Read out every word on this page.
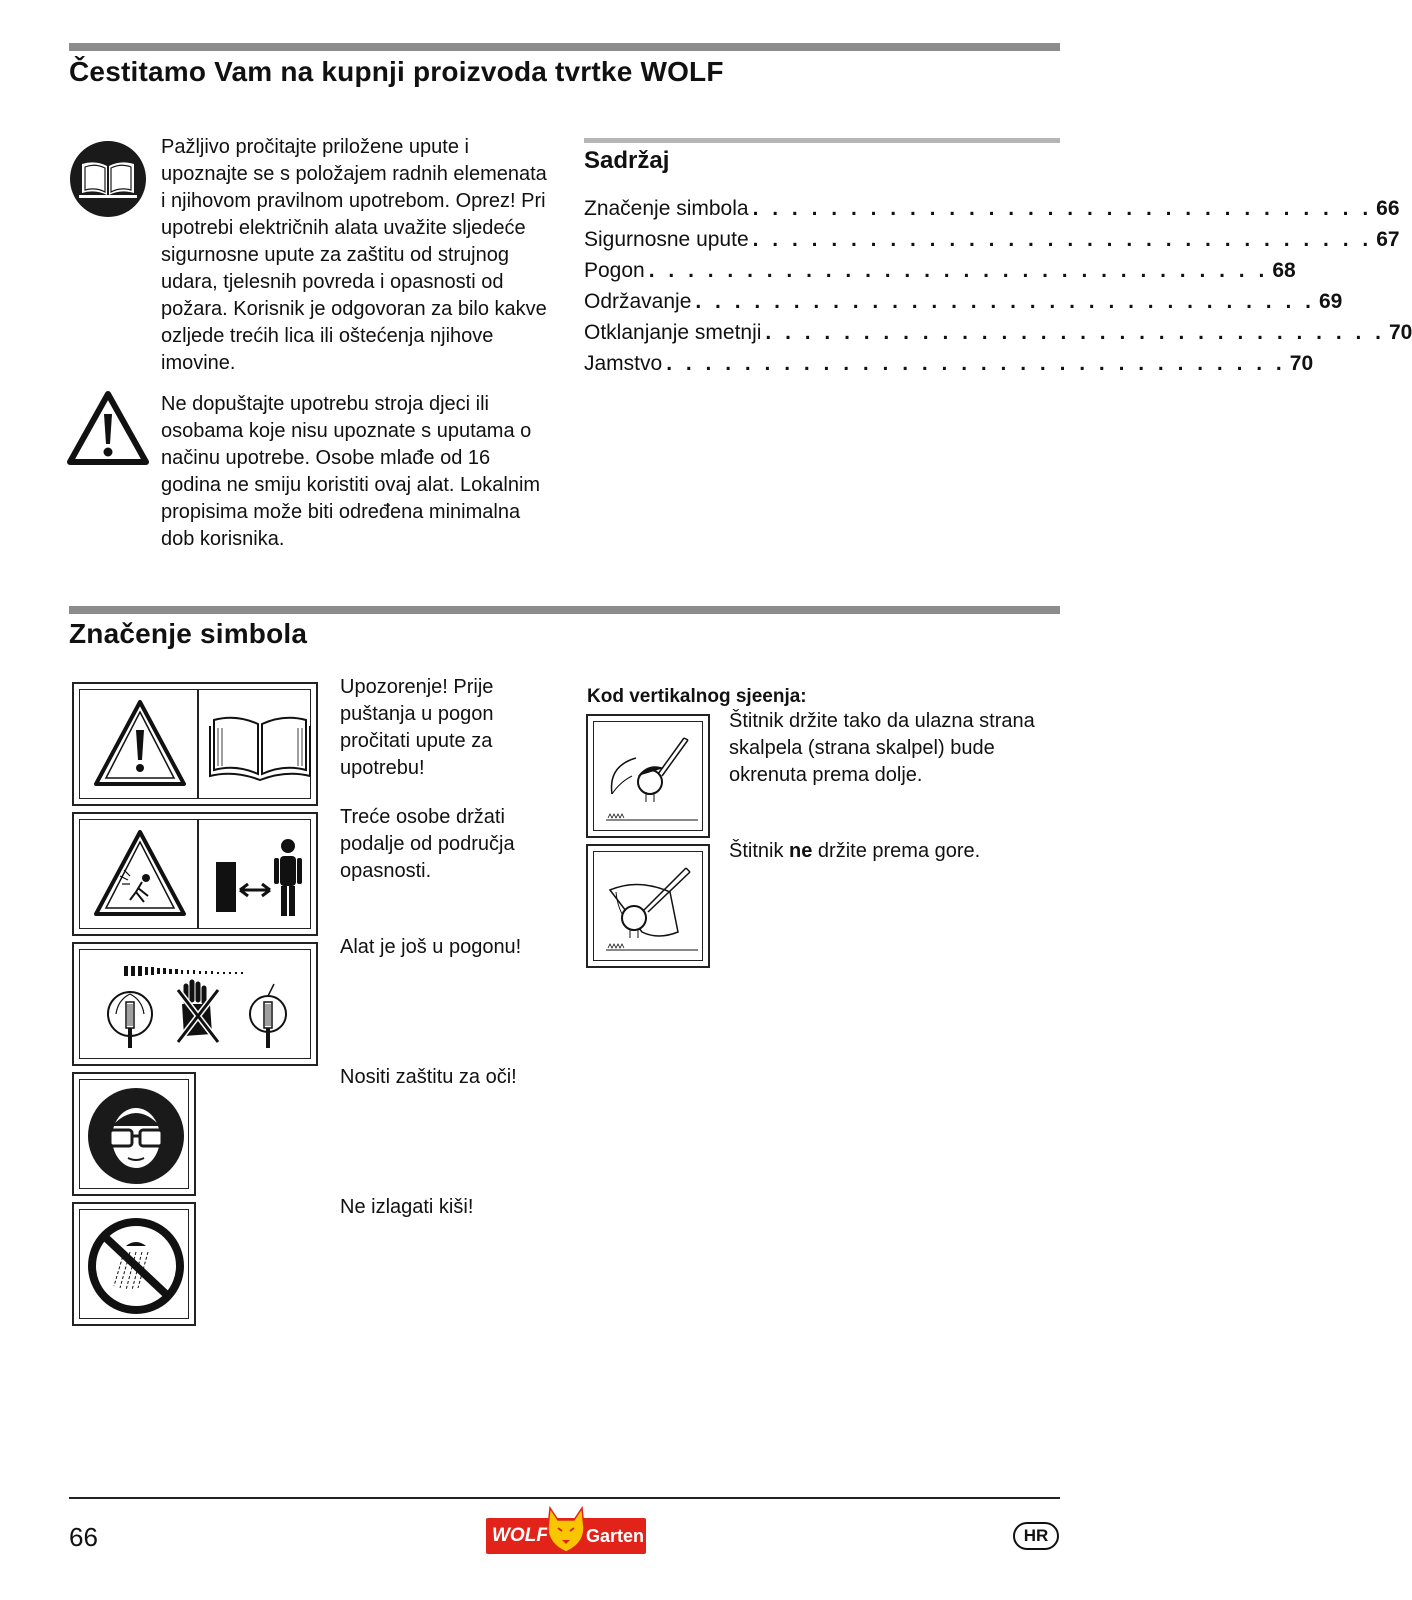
Čestitamo Vam na kupnji proizvoda tvrtke WOLF
Pažljivo pročitajte priložene upute i upoznajte se s položajem radnih elemenata i njihovom pravilnom upotrebom. Oprez! Pri upotrebi električnih alata uvažite sljedeće sigurnosne upute za zaštitu od strujnog udara, tjelesnih povreda i opasnosti od požara. Korisnik je odgovoran za bilo kakve ozljede trećih lica ili oštećenja njihove imovine.
Ne dopuštajte upotrebu stroja djeci ili osobama koje nisu upoznate s uputama o načinu upotrebe. Osobe mlađe od 16 godina ne smiju koristiti ovaj alat. Lokalnim propisima može biti određena minimalna dob korisnika.
Sadržaj
Značenje simbola . . . . . . . . . . . . . . . . . . . . . . . . . . . . . . . . 66
Sigurnosne upute . . . . . . . . . . . . . . . . . . . . . . . . . . . . . . . . 67
Pogon . . . . . . . . . . . . . . . . . . . . . . . . . . . . . . . . 68
Održavanje . . . . . . . . . . . . . . . . . . . . . . . . . . . . . . . . 69
Otklanjanje smetnji . . . . . . . . . . . . . . . . . . . . . . . . . . . . . . . . 70
Jamstvo . . . . . . . . . . . . . . . . . . . . . . . . . . . . . . . . 70
Značenje simbola
Upozorenje! Prije puštanja u pogon pročitati upute za upotrebu!
Treće osobe držati podalje od područja opasnosti.
Alat je još u pogonu!
Nositi zaštitu za oči!
Ne izlagati kiši!
Kod vertikalnog sjeenja:
Štitnik držite tako da ulazna strana skalpela (strana skalpel) bude okrenuta prema dolje.
Štitnik ne držite prema gore.
66	WOLF Garten	HR
